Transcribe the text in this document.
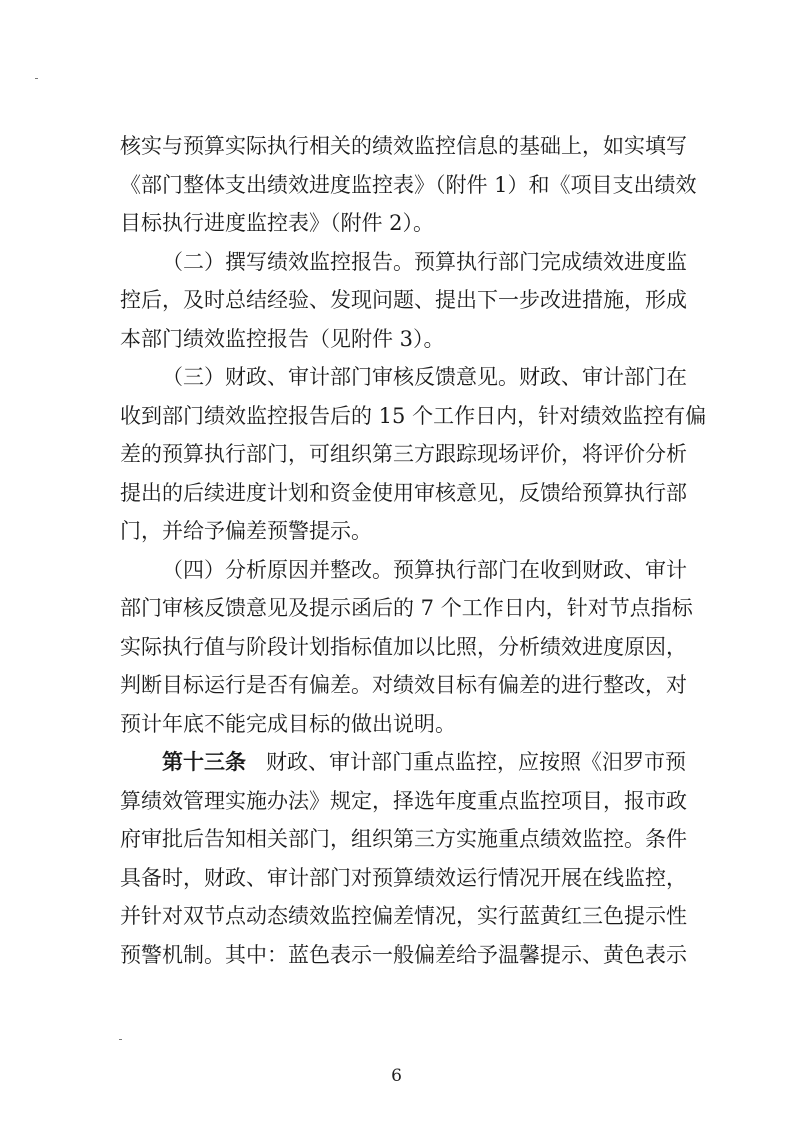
核实与预算实际执行相关的绩效监控信息的基础上，如实填写
《部门整体支出绩效进度监控表》（附件 1）和《项目支出绩效
目标执行进度监控表》（附件 2）。
（二）撰写绩效监控报告。预算执行部门完成绩效进度监
控后，及时总结经验、发现问题、提出下一步改进措施，形成
本部门绩效监控报告（见附件 3）。
（三）财政、审计部门审核反馈意见。财政、审计部门在
收到部门绩效监控报告后的 15 个工作日内，针对绩效监控有偏
差的预算执行部门，可组织第三方跟踪现场评价，将评价分析
提出的后续进度计划和资金使用审核意见，反馈给预算执行部
门，并给予偏差预警提示。
（四）分析原因并整改。预算执行部门在收到财政、审计
部门审核反馈意见及提示函后的 7 个工作日内，针对节点指标
实际执行值与阶段计划指标值加以比照，分析绩效进度原因，
判断目标运行是否有偏差。对绩效目标有偏差的进行整改，对
预计年底不能完成目标的做出说明。
第十三条 财政、审计部门重点监控，应按照《汨罗市预
算绩效管理实施办法》规定，择选年度重点监控项目，报市政
府审批后告知相关部门，组织第三方实施重点绩效监控。条件
具备时，财政、审计部门对预算绩效运行情况开展在线监控，
并针对双节点动态绩效监控偏差情况，实行蓝黄红三色提示性
预警机制。其中：蓝色表示一般偏差给予温馨提示、黄色表示
6
